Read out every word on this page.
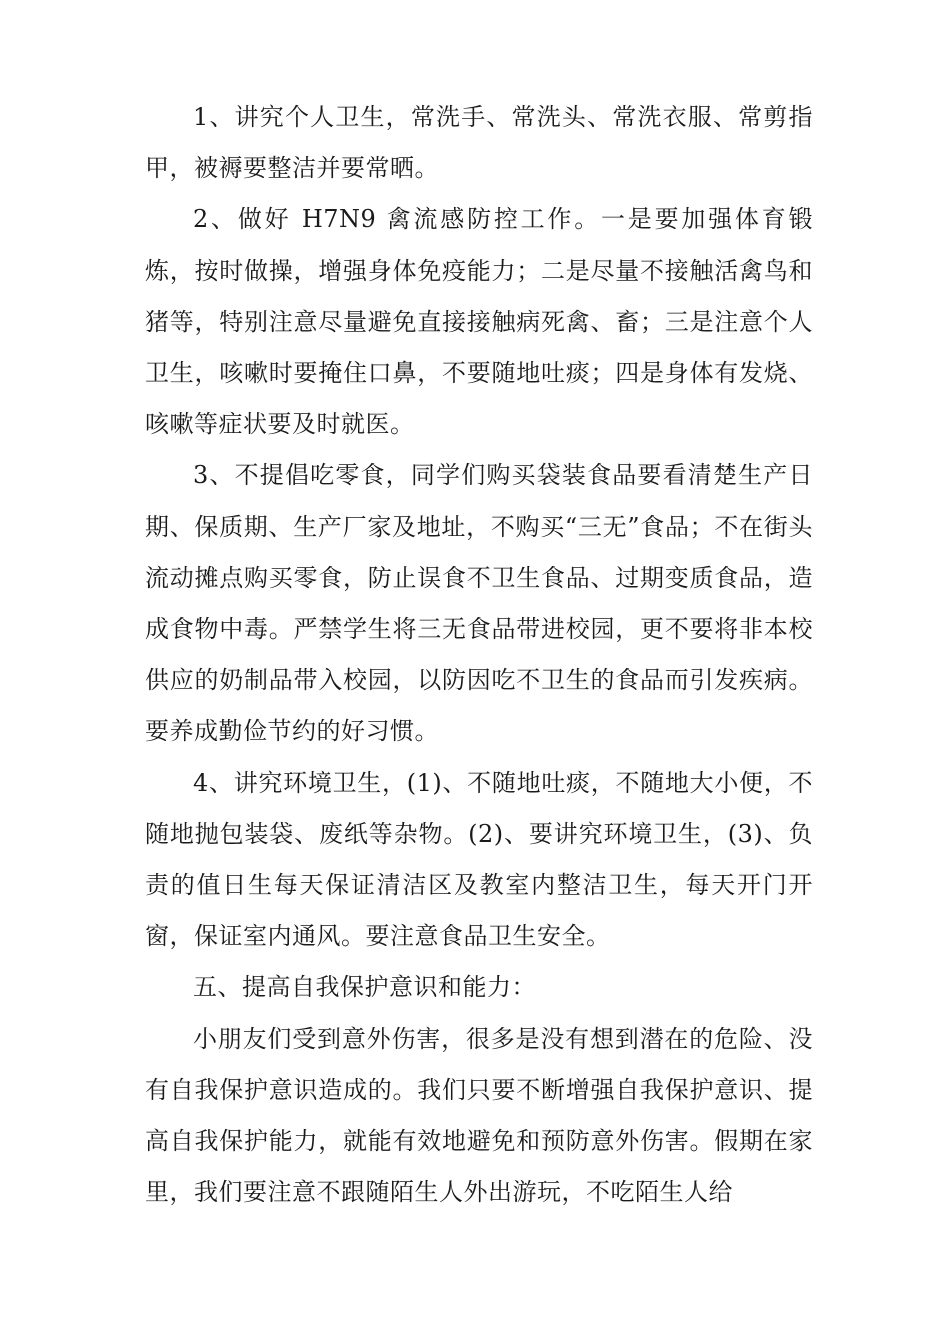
1、讲究个人卫生，常洗手、常洗头、常洗衣服、常剪指甲，被褥要整洁并要常晒。

2、做好 H7N9 禽流感防控工作。一是要加强体育锻炼，按时做操，增强身体免疫能力；二是尽量不接触活禽鸟和猪等，特别注意尽量避免直接接触病死禽、畜；三是注意个人卫生，咳嗽时要掩住口鼻，不要随地吐痰；四是身体有发烧、咳嗽等症状要及时就医。

3、不提倡吃零食，同学们购买袋装食品要看清楚生产日期、保质期、生产厂家及地址，不购买“三无”食品；不在街头流动摊点购买零食，防止误食不卫生食品、过期变质食品，造成食物中毒。严禁学生将三无食品带进校园，更不要将非本校供应的奶制品带入校园，以防因吃不卫生的食品而引发疾病。要养成勤俭节约的好习惯。

4、讲究环境卫生，(1)、不随地吐痰，不随地大小便，不随地抛包装袋、废纸等杂物。(2)、要讲究环境卫生，(3)、负责的值日生每天保证清洁区及教室内整洁卫生，每天开门开窗，保证室内通风。要注意食品卫生安全。

五、提高自我保护意识和能力：

小朋友们受到意外伤害，很多是没有想到潜在的危险、没有自我保护意识造成的。我们只要不断增强自我保护意识、提高自我保护能力，就能有效地避免和预防意外伤害。假期在家里，我们要注意不跟随陌生人外出游玩，不吃陌生人给
